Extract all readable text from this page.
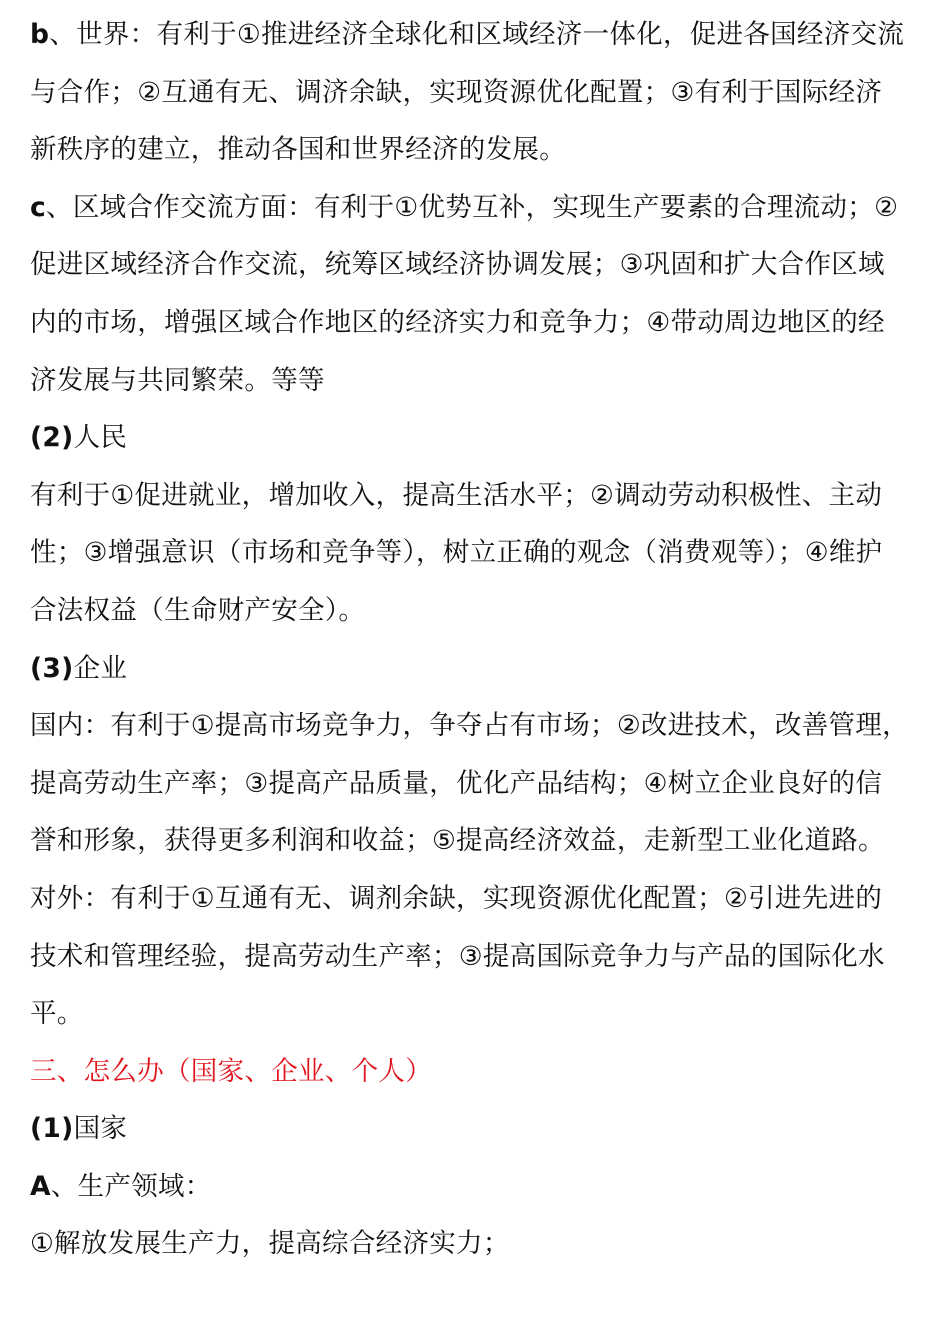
b、世界：有利于①推进经济全球化和区域经济一体化，促进各国经济交流
与合作；②互通有无、调济余缺，实现资源优化配置；③有利于国际经济
新秩序的建立，推动各国和世界经济的发展。
c、区域合作交流方面：有利于①优势互补，实现生产要素的合理流动；②
促进区域经济合作交流，统筹区域经济协调发展；③巩固和扩大合作区域
内的市场，增强区域合作地区的经济实力和竞争力；④带动周边地区的经
济发展与共同繁荣。等等
(2)人民
有利于①促进就业，增加收入，提高生活水平；②调动劳动积极性、主动
性；③增强意识（市场和竞争等），树立正确的观念（消费观等）；④维护
合法权益（生命财产安全）。
(3)企业
国内：有利于①提高市场竞争力，争夺占有市场；②改进技术，改善管理，
提高劳动生产率；③提高产品质量，优化产品结构；④树立企业良好的信
誉和形象，获得更多利润和收益；⑤提高经济效益，走新型工业化道路。
对外：有利于①互通有无、调剂余缺，实现资源优化配置；②引进先进的
技术和管理经验，提高劳动生产率；③提高国际竞争力与产品的国际化水
平。
三、怎么办（国家、企业、个人）
(1)国家
A、生产领域：
①解放发展生产力，提高综合经济实力；
